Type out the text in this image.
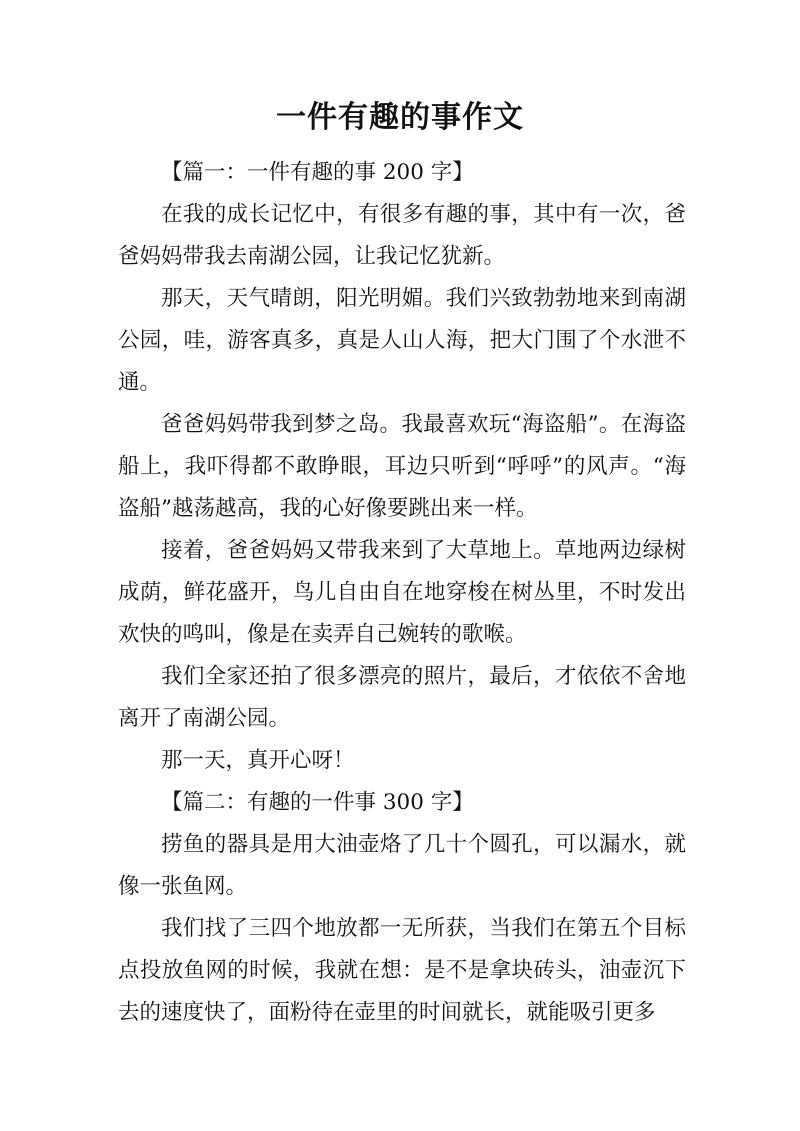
一件有趣的事作文

【篇一：一件有趣的事 200 字】

在我的成长记忆中，有很多有趣的事，其中有一次，爸爸妈妈带我去南湖公园，让我记忆犹新。

那天，天气晴朗，阳光明媚。我们兴致勃勃地来到南湖公园，哇，游客真多，真是人山人海，把大门围了个水泄不通。

爸爸妈妈带我到梦之岛。我最喜欢玩“海盗船”。在海盗船上，我吓得都不敢睁眼，耳边只听到“呼呼”的风声。“海盗船”越荡越高，我的心好像要跳出来一样。

接着，爸爸妈妈又带我来到了大草地上。草地两边绿树成荫，鲜花盛开，鸟儿自由自在地穿梭在树丛里，不时发出欢快的鸣叫，像是在卖弄自己婉转的歌喉。

我们全家还拍了很多漂亮的照片，最后，才依依不舍地离开了南湖公园。

那一天，真开心呀！

【篇二：有趣的一件事 300 字】

捞鱼的器具是用大油壶烙了几十个圆孔，可以漏水，就像一张鱼网。

我们找了三四个地放都一无所获，当我们在第五个目标点投放鱼网的时候，我就在想：是不是拿块砖头，油壶沉下去的速度快了，面粉待在壶里的时间就长，就能吸引更多
